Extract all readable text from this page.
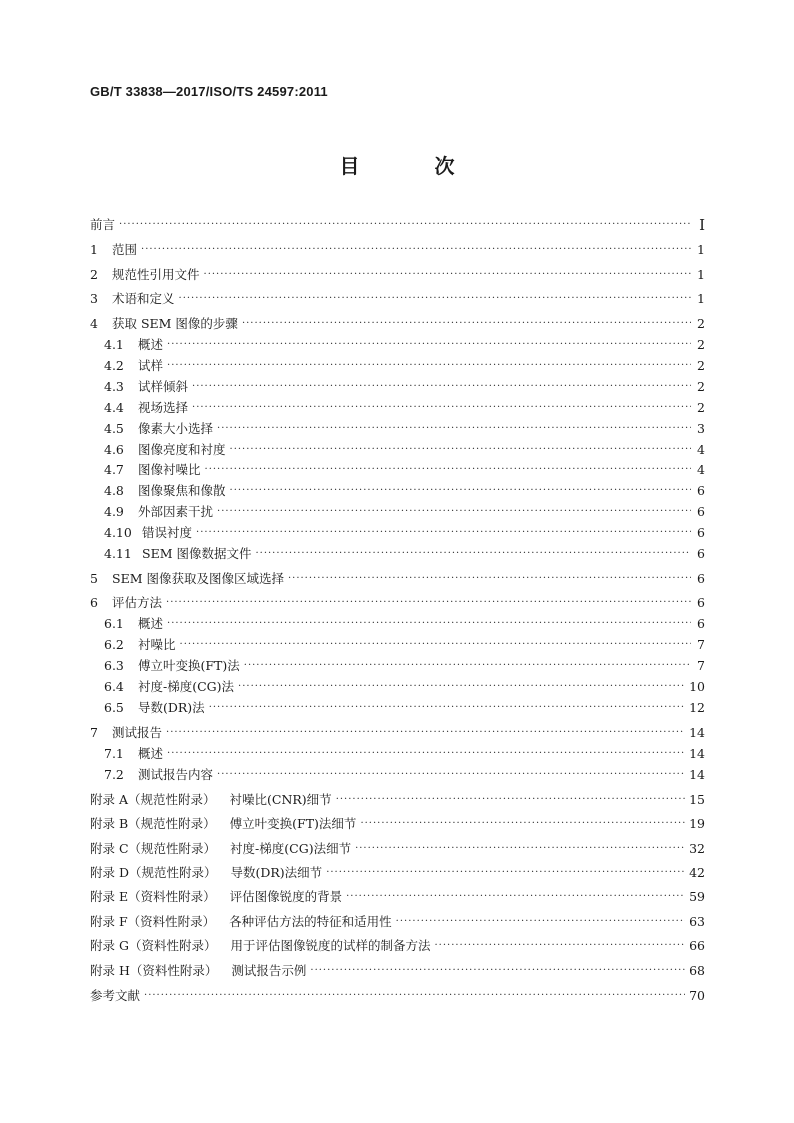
GB/T 33838—2017/ISO/TS 24597:2011
目 次
前言 ·····	I
1	范围 ·····	1
2	规范性引用文件 ·····	1
3	术语和定义 ·····	1
4	获取 SEM 图像的步骤 ·····	2
4.1	概述 ·····	2
4.2	试样 ·····	2
4.3	试样倾斜 ·····	2
4.4	视场选择 ·····	2
4.5	像素大小选择 ·····	3
4.6	图像亮度和衬度 ·····	4
4.7	图像衬噪比 ·····	4
4.8	图像聚焦和像散 ·····	6
4.9	外部因素干扰 ·····	6
4.10 错误衬度 ·····	6
4.11 SEM 图像数据文件 ·····	6
5	SEM 图像获取及图像区域选择 ·····	6
6	评估方法 ·····	6
6.1	概述 ·····	6
6.2	衬噪比 ·····	7
6.3	傅立叶变换(FT)法 ·····	7
6.4	衬度-梯度(CG)法 ·····	10
6.5	导数(DR)法 ·····	12
7	测试报告 ·····	14
7.1	概述 ·····	14
7.2	测试报告内容 ·····	14
附录 A（规范性附录） 衬噪比(CNR)细节 ·····	15
附录 B（规范性附录） 傅立叶变换(FT)法细节 ·····	19
附录 C（规范性附录） 衬度-梯度(CG)法细节 ·····	32
附录 D（规范性附录） 导数(DR)法细节 ·····	42
附录 E（资料性附录） 评估图像锐度的背景 ·····	59
附录 F（资料性附录） 各种评估方法的特征和适用性 ·····	63
附录 G（资料性附录） 用于评估图像锐度的试样的制备方法 ·····	66
附录 H（资料性附录） 测试报告示例 ·····	68
参考文献 ·····	70
